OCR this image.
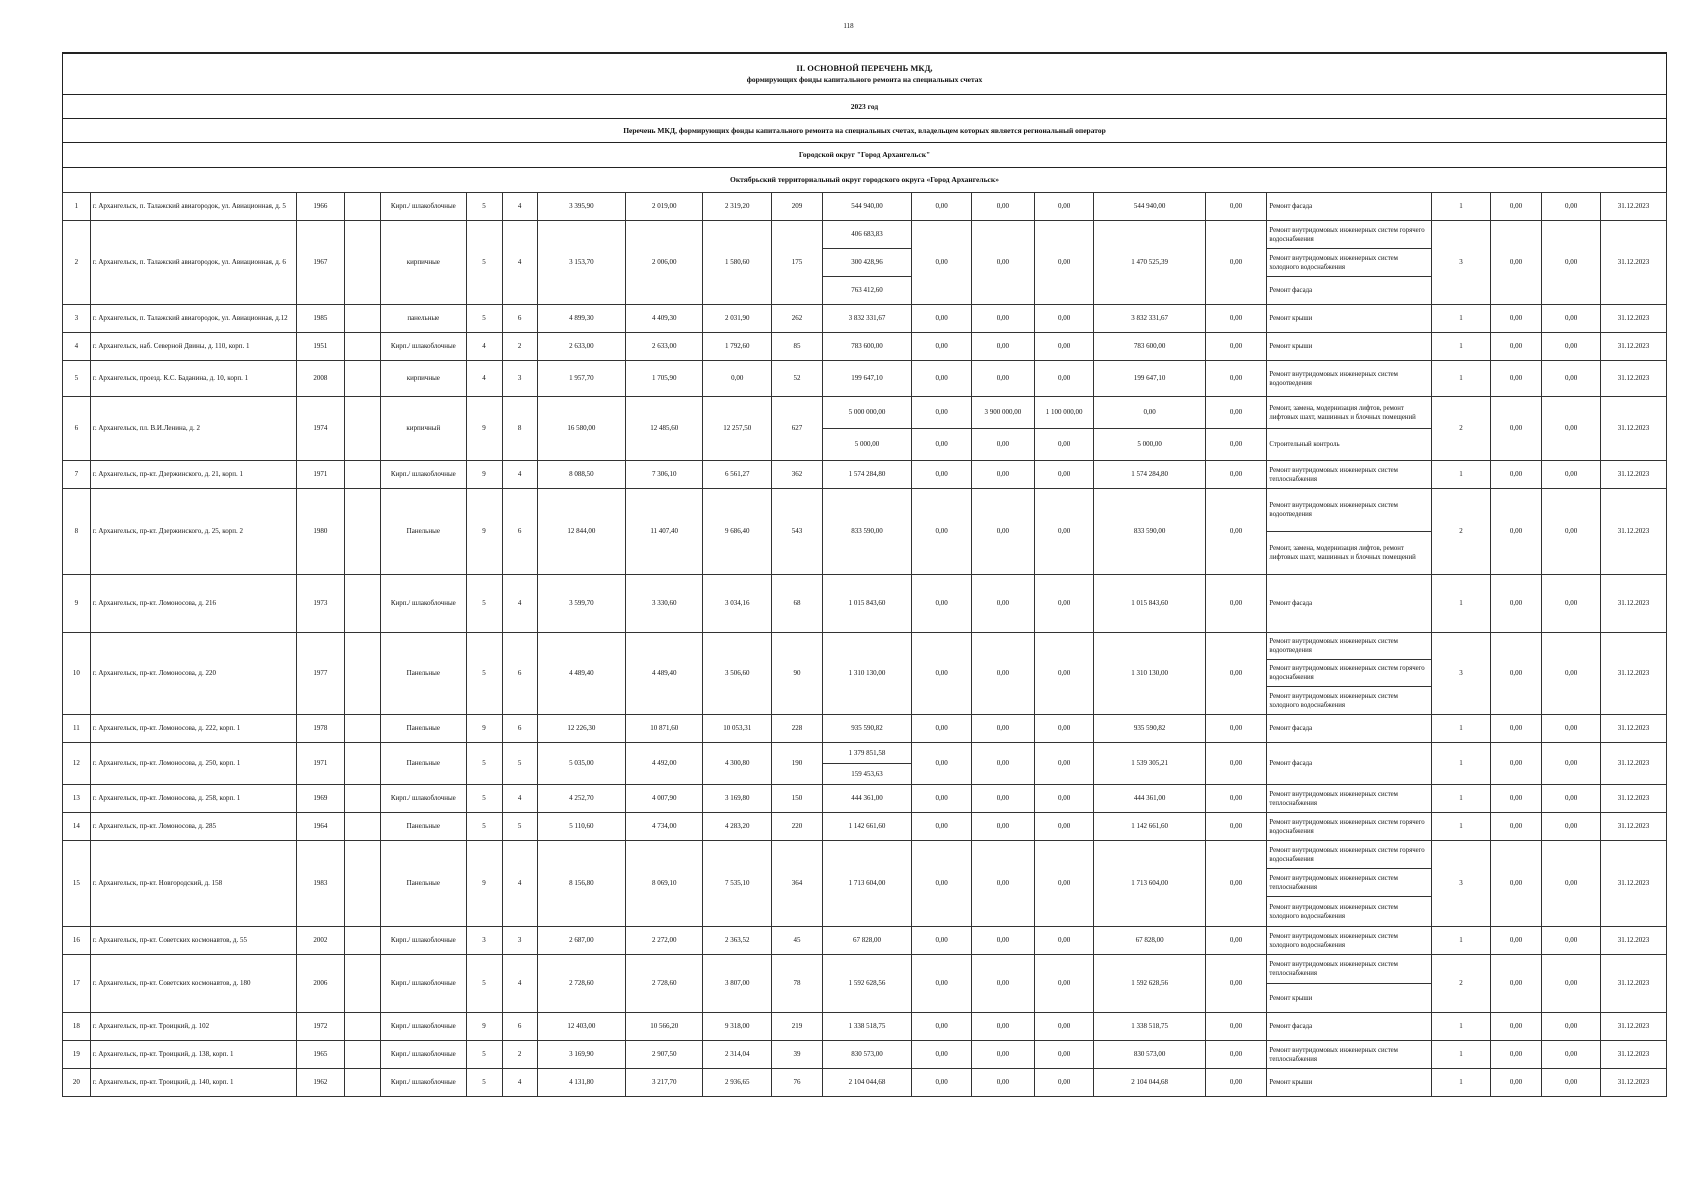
118
II. ОСНОВНОЙ ПЕРЕЧЕНЬ МКД,
формирующих фонды капитального ремонта на специальных счетах
2023 год
Перечень МКД, формирующих фонды капитального ремонта на специальных счетах, владельцем которых является региональный оператор
Городской округ "Город Архангельск"
Октябрьский территориальный округ городского округа «Город Архангельск»
1	г. Архангельск, п. Талажский авиагородок, ул. Авиационная, д. 5	1966		Кирп./ шлакоблочные	5	4	3 395,90	2 019,00	2 319,20	209	544 940,00	0,00	0,00	0,00	544 940,00	0,00	Ремонт фасада	1	0,00	0,00	31.12.2023
2	г. Архангельск, п. Талажский авиагородок, ул. Авиационная, д. 6	1967		кирпичные	5	4	3 153,70	2 006,00	1 580,60	175	406 683,83	0,00	0,00	0,00	1 470 525,39	0,00	Ремонт внутридомовых инженерных систем горячего водоснабжения	3	0,00	0,00	31.12.2023
											300 428,96						Ремонт внутридомовых инженерных систем холодного водоснабжения				
											763 412,60						Ремонт фасада				
3	г. Архангельск, п. Талажский авиагородок, ул. Авиационная, д.12	1985		панельные	5	6	4 899,30	4 409,30	2 031,90	262	3 832 331,67	0,00	0,00	0,00	3 832 331,67	0,00	Ремонт крыши	1	0,00	0,00	31.12.2023
4	г. Архангельск, наб. Северной Двины, д. 110, корп. 1	1951		Кирп./ шлакоблочные	4	2	2 633,00	2 633,00	1 792,60	85	783 600,00	0,00	0,00	0,00	783 600,00	0,00	Ремонт крыши	1	0,00	0,00	31.12.2023
5	г. Архангельск, проезд. К.С. Баданина, д. 10, корп. 1	2008		кирпичные	4	3	1 957,70	1 705,90	0,00	52	199 647,10	0,00	0,00	0,00	199 647,10	0,00	Ремонт внутридомовых инженерных систем водоотведения	1	0,00	0,00	31.12.2023
6	г. Архангельск, пл. В.И.Ленина, д. 2	1974		кирпичный	9	8	16 580,00	12 485,60	12 257,50	627	5 000 000,00	0,00	3 900 000,00	1 100 000,00	0,00	0,00	Ремонт, замена, модернизация лифтов, ремонт лифтовых шахт, машинных и блочных помещений	2	0,00	0,00	31.12.2023
											5 000,00	0,00	0,00	0,00	5 000,00	0,00	Строительный контроль				
7	г. Архангельск, пр-кт. Дзержинского, д. 21, корп. 1	1971		Кирп./ шлакоблочные	9	4	8 088,50	7 306,10	6 561,27	362	1 574 284,80	0,00	0,00	0,00	1 574 284,80	0,00	Ремонт внутридомовых инженерных систем теплоснабжения	1	0,00	0,00	31.12.2023
8	г. Архангельск, пр-кт. Дзержинского, д. 25, корп. 2	1980		Панельные	9	6	12 844,00	11 407,40	9 686,40	543	833 590,00	0,00	0,00	0,00	833 590,00	0,00	Ремонт внутридомовых инженерных систем водоотведения	2	0,00	0,00	31.12.2023
																	Ремонт, замена, модернизация лифтов, ремонт лифтовых шахт, машинных и блочных помещений				
9	г. Архангельск, пр-кт. Ломоносова, д. 216	1973		Кирп./ шлакоблочные	5	4	3 599,70	3 330,60	3 034,16	68	1 015 843,60	0,00	0,00	0,00	1 015 843,60	0,00	Ремонт фасада	1	0,00	0,00	31.12.2023
10	г. Архангельск, пр-кт. Ломоносова, д. 220	1977		Панельные	5	6	4 489,40	4 489,40	3 506,60	90	1 310 130,00	0,00	0,00	0,00	1 310 130,00	0,00	Ремонт внутридомовых инженерных систем водоотведения	3	0,00	0,00	31.12.2023
																	Ремонт внутридомовых инженерных систем горячего водоснабжения				
																	Ремонт внутридомовых инженерных систем холодного водоснабжения				
11	г. Архангельск, пр-кт. Ломоносова, д. 222, корп. 1	1978		Панельные	9	6	12 226,30	10 871,60	10 053,31	228	935 590,82	0,00	0,00	0,00	935 590,82	0,00	Ремонт фасада	1	0,00	0,00	31.12.2023
12	г. Архангельск, пр-кт. Ломоносова, д. 250, корп. 1	1971		Панельные	5	5	5 035,00	4 492,00	4 300,80	190	1 379 851,58	0,00	0,00	0,00	1 539 305,21	0,00	Ремонт фасада	1	0,00	0,00	31.12.2023
											159 453,63										
13	г. Архангельск, пр-кт. Ломоносова, д. 258, корп. 1	1969		Кирп./ шлакоблочные	5	4	4 252,70	4 007,90	3 169,80	150	444 361,00	0,00	0,00	0,00	444 361,00	0,00	Ремонт внутридомовых инженерных систем теплоснабжения	1	0,00	0,00	31.12.2023
14	г. Архангельск, пр-кт. Ломоносова, д. 285	1964		Панельные	5	5	5 110,60	4 734,00	4 283,20	220	1 142 661,60	0,00	0,00	0,00	1 142 661,60	0,00	Ремонт внутридомовых инженерных систем горячего водоснабжения	1	0,00	0,00	31.12.2023
15	г. Архангельск, пр-кт. Новгородский, д. 158	1983		Панельные	9	4	8 156,80	8 069,10	7 535,10	364	1 713 604,00	0,00	0,00	0,00	1 713 604,00	0,00	Ремонт внутридомовых инженерных систем горячего водоснабжения	3	0,00	0,00	31.12.2023
																	Ремонт внутридомовых инженерных систем теплоснабжения				
																	Ремонт внутридомовых инженерных систем холодного водоснабжения				
16	г. Архангельск, пр-кт. Советских космонавтов, д. 55	2002		Кирп./ шлакоблочные	3	3	2 687,00	2 272,00	2 363,52	45	67 828,00	0,00	0,00	0,00	67 828,00	0,00	Ремонт внутридомовых инженерных систем холодного водоснабжения	1	0,00	0,00	31.12.2023
17	г. Архангельск, пр-кт. Советских космонавтов, д. 180	2006		Кирп./ шлакоблочные	5	4	2 728,60	2 728,60	3 807,00	78	1 592 628,56	0,00	0,00	0,00	1 592 628,56	0,00	Ремонт внутридомовых инженерных систем теплоснабжения	2	0,00	0,00	31.12.2023
																	Ремонт крыши				
18	г. Архангельск, пр-кт. Троицкий, д. 102	1972		Кирп./ шлакоблочные	9	6	12 403,00	10 566,20	9 318,00	219	1 338 518,75	0,00	0,00	0,00	1 338 518,75	0,00	Ремонт фасада	1	0,00	0,00	31.12.2023
19	г. Архангельск, пр-кт. Троицкий, д. 138, корп. 1	1965		Кирп./ шлакоблочные	5	2	3 169,90	2 907,50	2 314,04	39	830 573,00	0,00	0,00	0,00	830 573,00	0,00	Ремонт внутридомовых инженерных систем теплоснабжения	1	0,00	0,00	31.12.2023
20	г. Архангельск, пр-кт. Троицкий, д. 140, корп. 1	1962		Кирп./ шлакоблочные	5	4	4 131,80	3 217,70	2 936,65	76	2 104 044,68	0,00	0,00	0,00	2 104 044,68	0,00	Ремонт крыши	1	0,00	0,00	31.12.2023
